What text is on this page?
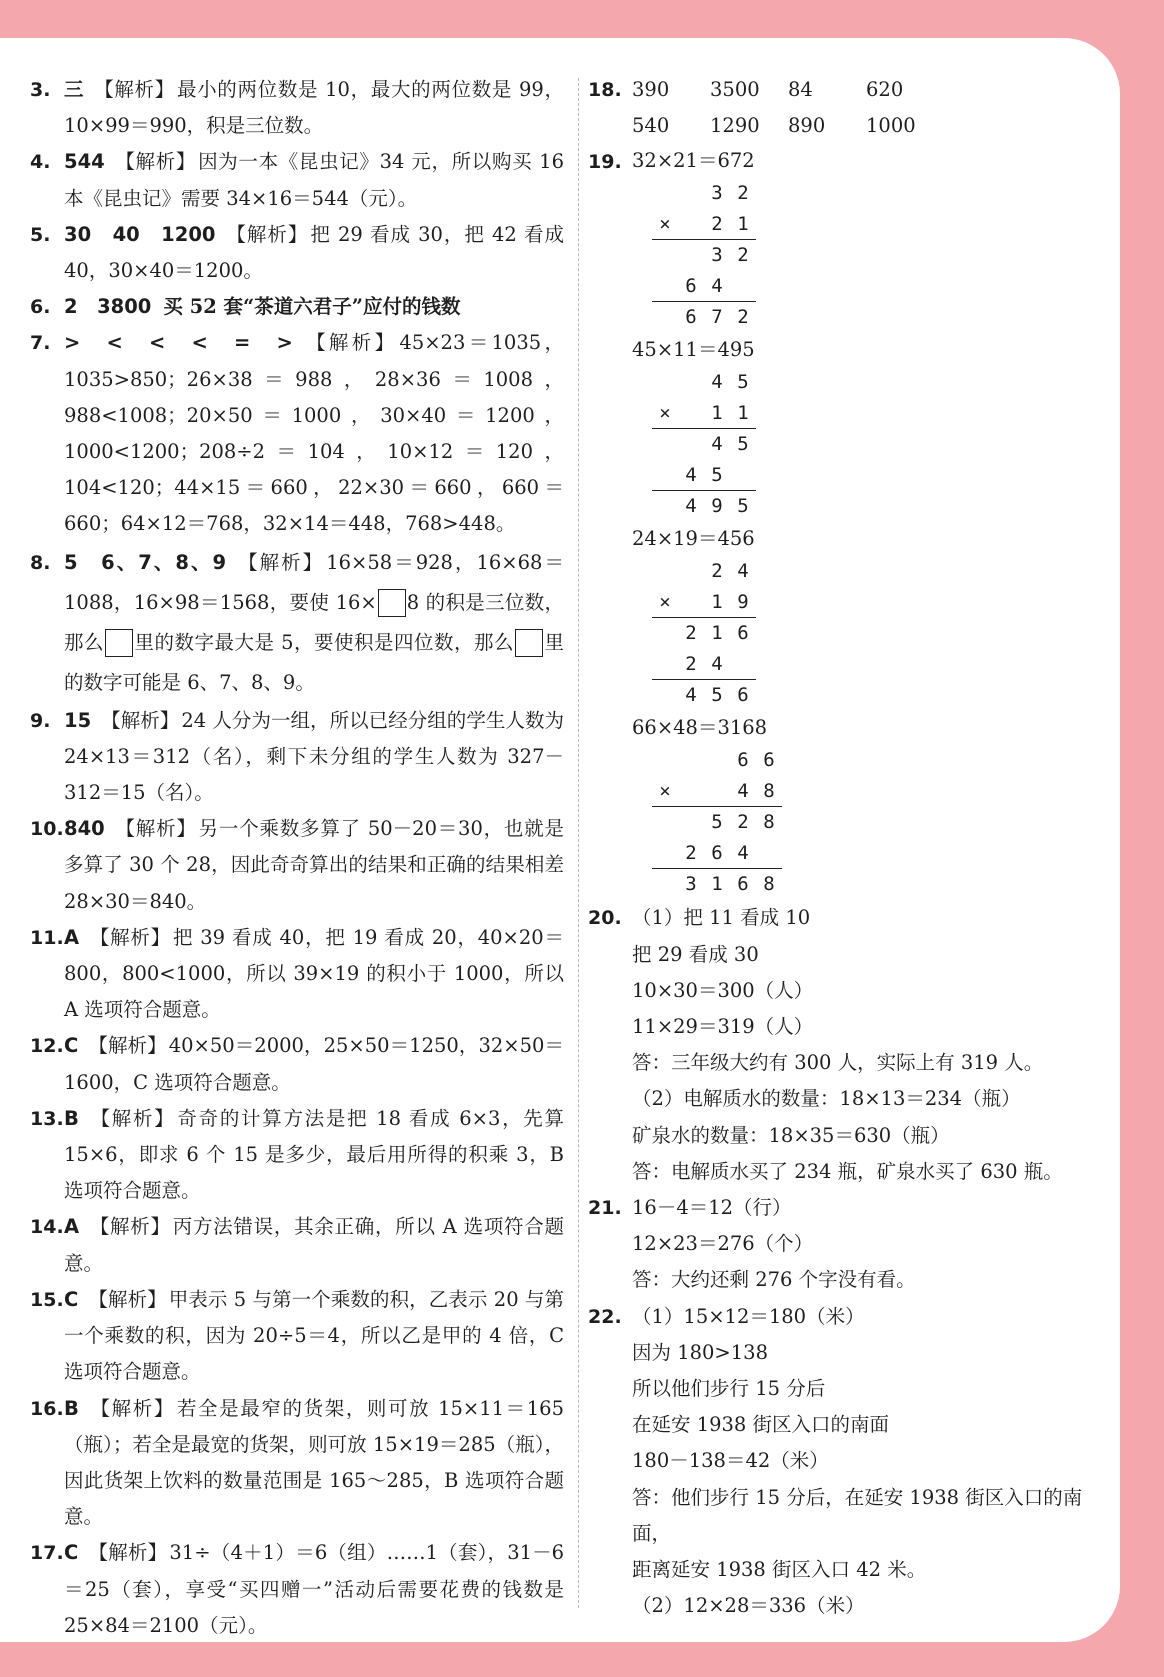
3. 三 【解析】 最小的两位数是 10，最大的两位数是 99，10×99＝990，积是三位数。
4. 544 【解析】 因为一本《昆虫记》34 元，所以购买 16 本《昆虫记》需要 34×16＝544（元）。
5. 30　40　1200 【解析】 把 29 看成 30，把 42 看成 40，30×40＝1200。
6. 2　3800 买 52 套“茶道六君子”应付的钱数
7. >　<　<　<　=　> 【解析】 45×23＝1035，1035>850；26×38＝988，28×36＝1008，988<1008；20×50＝1000，30×40＝1200，1000<1200；208÷2＝104，10×12＝120，104<120；44×15＝660，22×30＝660，660＝660；64×12＝768，32×14＝448，768>448。
8. 5　6、7、8、9 【解析】 16×58＝928，16×68＝1088，16×98＝1568，要使 16× 8 的积是三位数，那么 里的数字最大是 5，要使积是四位数，那么 里的数字可能是 6、7、8、9。
9. 15 【解析】 24 人分为一组，所以已经分组的学生人数为 24×13＝312（名），剩下未分组的学生人数为 327－312＝15（名）。
10. 840 【解析】 另一个乘数多算了 50－20＝30，也就是多算了 30 个 28，因此奇奇算出的结果和正确的结果相差 28×30＝840。
11. A 【解析】 把 39 看成 40，把 19 看成 20，40×20＝800，800<1000，所以 39×19 的积小于 1000，所以 A 选项符合题意。
12. C 【解析】 40×50＝2000，25×50＝1250，32×50＝1600，C 选项符合题意。
13. B 【解析】 奇奇的计算方法是把 18 看成 6×3，先算 15×6，即求 6 个 15 是多少，最后用所得的积乘 3，B 选项符合题意。
14. A 【解析】 丙方法错误，其余正确，所以 A 选项符合题意。
15. C 【解析】 甲表示 5 与第一个乘数的积，乙表示 20 与第一个乘数的积，因为 20÷5＝4，所以乙是甲的 4 倍，C 选项符合题意。
16. B 【解析】 若全是最窄的货架，则可放 15×11＝165（瓶）；若全是最宽的货架，则可放 15×19＝285（瓶），因此货架上饮料的数量范围是 165～285，B 选项符合题意。
17. C 【解析】 31÷（4＋1）＝6（组）……1（套），31－6＝25（套），享受“买四赠一”活动后需要花费的钱数是 25×84＝2100（元）。
18. 390 3500 84	620
540 1290 890 1000
19. 32×21＝672
3 2
×	2 1
3 2
6 4
6 7 2
45×11＝495
4 5
×	1 1
4 5
4 5
4 9 5
24×19＝456
2 4
×	1 9
2 1 6
2 4
4 5 6
66×48＝3168
6 6
×	4 8
5 2 8
2 6 4
3 1 6 8
20. （1）把 11 看成 10
把 29 看成 30
10×30＝300（人）
11×29＝319（人）
答：三年级大约有 300 人，实际上有 319 人。
（2）电解质水的数量：18×13＝234（瓶）
矿泉水的数量：18×35＝630（瓶）
答：电解质水买了 234 瓶，矿泉水买了 630 瓶。
21. 16－4＝12（行）
12×23＝276（个）
答：大约还剩 276 个字没有看。
22. （1）15×12＝180（米）
因为 180>138
所以他们步行 15 分后
在延安 1938 街区入口的南面
180－138＝42（米）
答：他们步行 15 分后，在延安 1938 街区入口的南面，
距离延安 1938 街区入口 42 米。
（2）12×28＝336（米）
